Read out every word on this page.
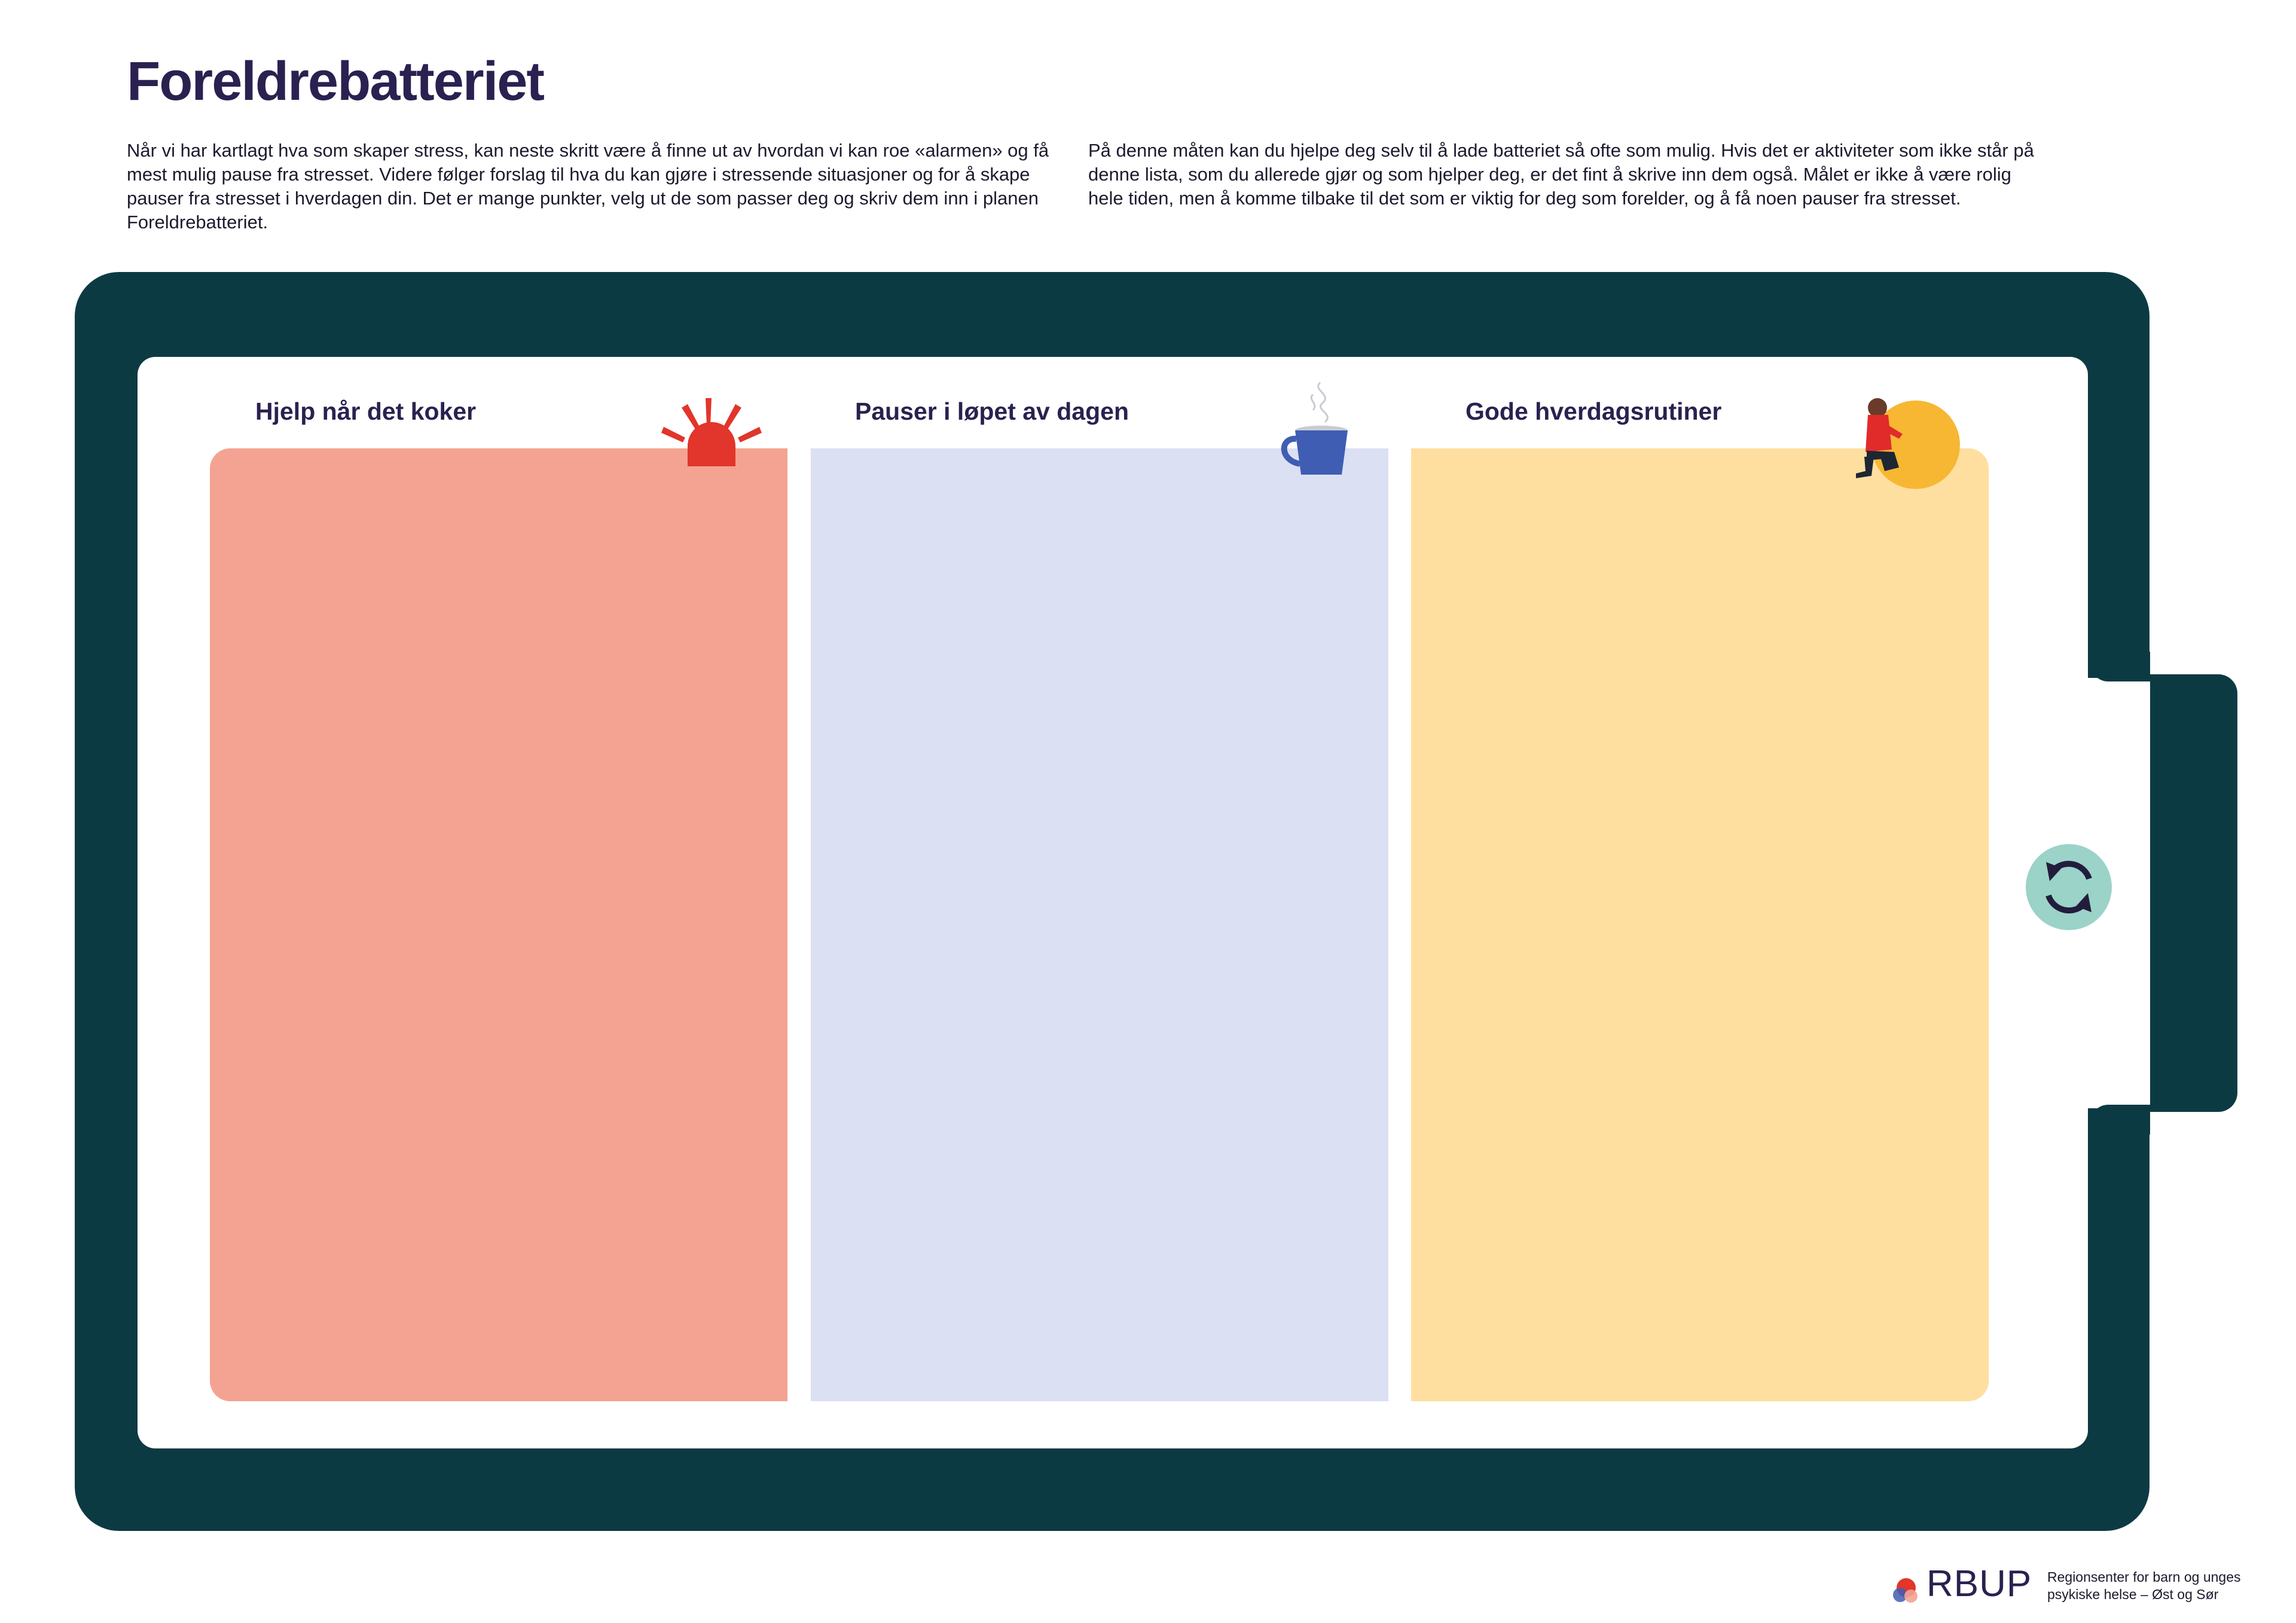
Foreldrebatteriet

Når vi har kartlagt hva som skaper stress, kan neste skritt være å finne ut av hvordan vi kan roe «alarmen» og få mest mulig pause fra stresset. Videre følger forslag til hva du kan gjøre i stressende situasjoner og for å skape pauser fra stresset i hverdagen din. Det er mange punkter, velg ut de som passer deg og skriv dem inn i planen Foreldrebatteriet.

På denne måten kan du hjelpe deg selv til å lade batteriet så ofte som mulig. Hvis det er aktiviteter som ikke står på denne lista, som du allerede gjør og som hjelper deg, er det fint å skrive inn dem også. Målet er ikke å være rolig hele tiden, men å komme tilbake til det som er viktig for deg som forelder, og å få noen pauser fra stresset.

Hjelp når det koker	Pauser i løpet av dagen	Gode hverdagsrutiner
RBUP Regionsenter for barn og unges psykiske helse – Øst og Sør
